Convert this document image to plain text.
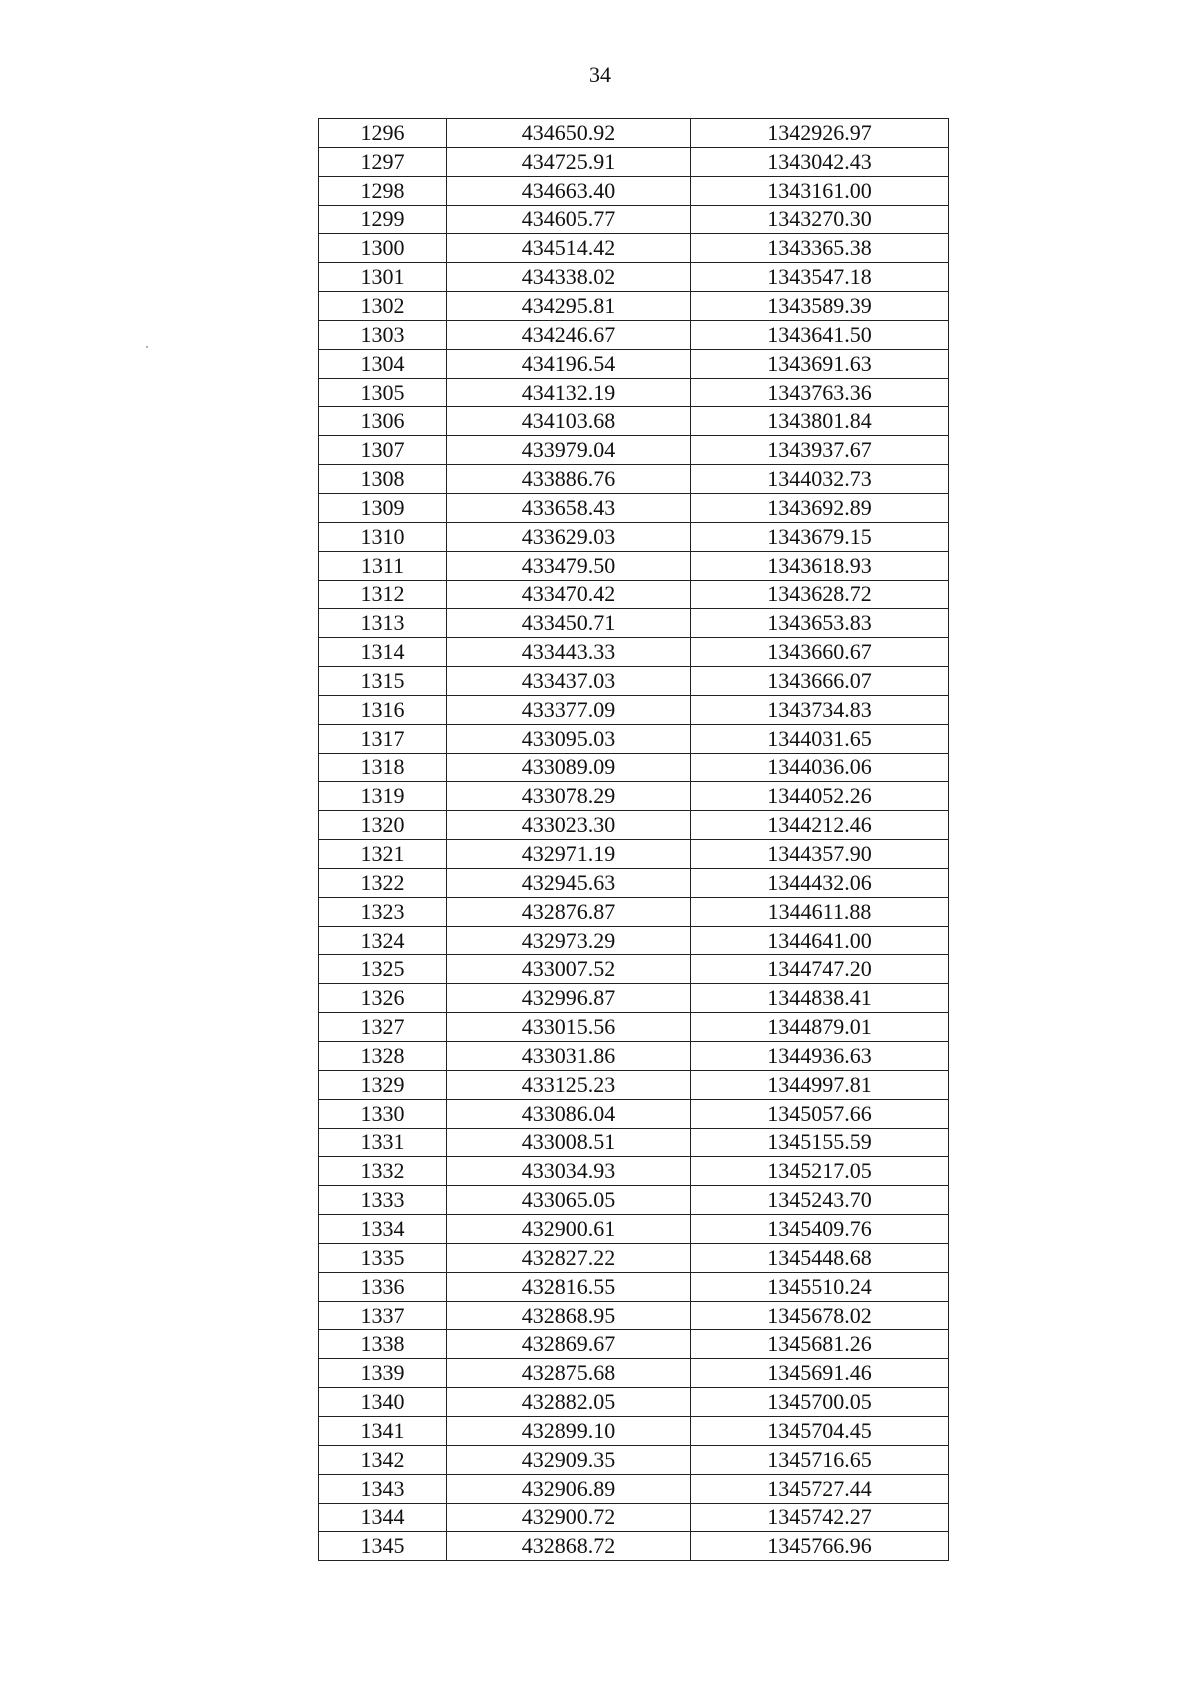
34
1296	434650.92	1342926.97
1297	434725.91	1343042.43
1298	434663.40	1343161.00
1299	434605.77	1343270.30
1300	434514.42	1343365.38
1301	434338.02	1343547.18
1302	434295.81	1343589.39
1303	434246.67	1343641.50
1304	434196.54	1343691.63
1305	434132.19	1343763.36
1306	434103.68	1343801.84
1307	433979.04	1343937.67
1308	433886.76	1344032.73
1309	433658.43	1343692.89
1310	433629.03	1343679.15
1311	433479.50	1343618.93
1312	433470.42	1343628.72
1313	433450.71	1343653.83
1314	433443.33	1343660.67
1315	433437.03	1343666.07
1316	433377.09	1343734.83
1317	433095.03	1344031.65
1318	433089.09	1344036.06
1319	433078.29	1344052.26
1320	433023.30	1344212.46
1321	432971.19	1344357.90
1322	432945.63	1344432.06
1323	432876.87	1344611.88
1324	432973.29	1344641.00
1325	433007.52	1344747.20
1326	432996.87	1344838.41
1327	433015.56	1344879.01
1328	433031.86	1344936.63
1329	433125.23	1344997.81
1330	433086.04	1345057.66
1331	433008.51	1345155.59
1332	433034.93	1345217.05
1333	433065.05	1345243.70
1334	432900.61	1345409.76
1335	432827.22	1345448.68
1336	432816.55	1345510.24
1337	432868.95	1345678.02
1338	432869.67	1345681.26
1339	432875.68	1345691.46
1340	432882.05	1345700.05
1341	432899.10	1345704.45
1342	432909.35	1345716.65
1343	432906.89	1345727.44
1344	432900.72	1345742.27
1345	432868.72	1345766.96
